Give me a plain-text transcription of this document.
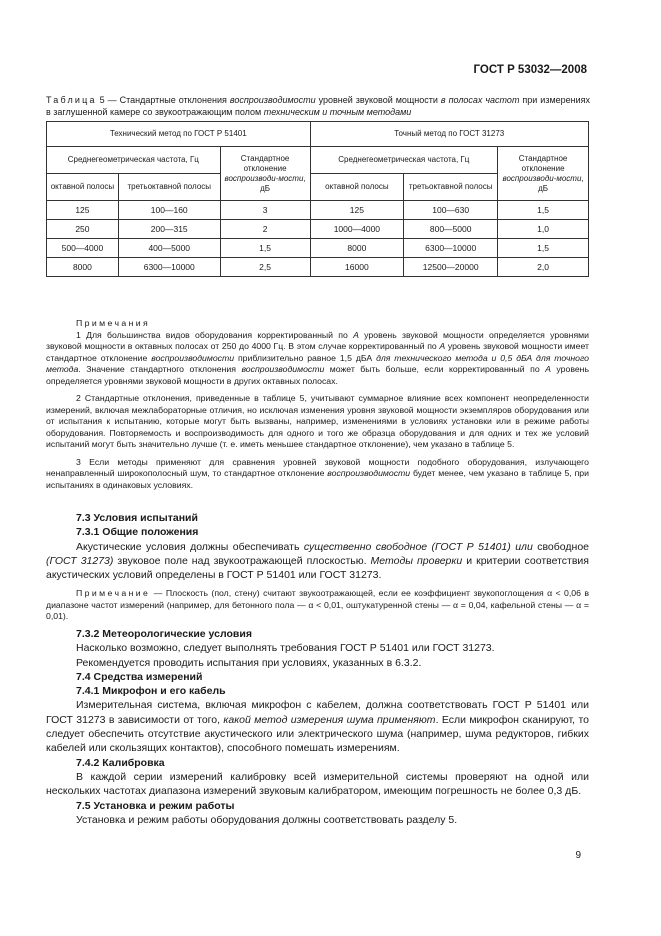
ГОСТ Р 53032—2008
Таблица 5 — Стандартные отклонения воспроизводимости уровней звуковой мощности в полосах частот при измерениях в заглушенной камере со звукоотражающим полом техническим и точным методами
Технический метод по ГОСТ Р 51401			Точный метод по ГОСТ 31273		
Среднегеометрическая частота, Гц		Стандартное отклонение воспроизводи-мости, дБ	Среднегеометрическая частота, Гц		Стандартное отклонение воспроизводи-мости, дБ
октавной полосы	третьоктавной полосы		октавной полосы	третьоктавной полосы	
125	100—160	3	125	100—630	1,5
250	200—315	2	1000—4000	800—5000	1,0
500—4000	400—5000	1,5	8000	6300—10000	1,5
8000	6300—10000	2,5	16000	12500—20000	2,0

Примечания

1 Для большинства видов оборудования корректированный по А уровень звуковой мощности определяется уровнями звуковой мощности в октавных полосах от 250 до 4000 Гц. В этом случае корректированный по А уровень звуковой мощности имеет стандартное отклонение воспроизводимости приблизительно равное 1,5 дБА для технического метода и 0,5 дБА для точного метода. Значение стандартного отклонения воспроизводимости может быть больше, если корректированный по А уровень определяется уровнями звуковой мощности в других октавных полосах.

2 Стандартные отклонения, приведенные в таблице 5, учитывают суммарное влияние всех компонент неопределенности измерений, включая межлабораторные отличия, но исключая изменения уровня звуковой мощности экземпляров оборудования или от испытания к испытанию, которые могут быть вызваны, например, изменениями в условиях установки или в режиме работы оборудования. Повторяемость и воспроизводимость для одного и того же образца оборудования и для одних и тех же условий испытаний могут быть значительно лучше (т. е. иметь меньшее стандартное отклонение), чем указано в таблице 5.

3 Если методы применяют для сравнения уровней звуковой мощности подобного оборудования, излучающего ненаправленный широкополосный шум, то стандартное отклонение воспроизводимости будет менее, чем указано в таблице 5, при испытаниях в одинаковых условиях.

7.3 Условия испытаний
7.3.1 Общие положения

Акустические условия должны обеспечивать существенно свободное (ГОСТ Р 51401) или свободное (ГОСТ 31273) звуковое поле над звукоотражающей плоскостью. Методы проверки и критерии соответствия акустических условий определены в ГОСТ Р 51401 или ГОСТ 31273.

Примечание — Плоскость (пол, стену) считают звукоотражающей, если ее коэффициент звукопоглощения α < 0,06 в диапазоне частот измерений (например, для бетонного пола — α < 0,01, оштукатуренной стены — α = 0,04, кафельной стены — α = 0,01).

7.3.2 Метеорологические условия

Насколько возможно, следует выполнять требования ГОСТ Р 51401 или ГОСТ 31273.

Рекомендуется проводить испытания при условиях, указанных в 6.3.2.

7.4 Средства измерений
7.4.1 Микрофон и его кабель

Измерительная система, включая микрофон с кабелем, должна соответствовать ГОСТ Р 51401 или ГОСТ 31273 в зависимости от того, какой метод измерения шума применяют. Если микрофон сканируют, то следует обеспечить отсутствие акустического или электрического шума (например, шума редукторов, гибких кабелей или скользящих контактов), способного помешать измерениям.

7.4.2 Калибровка

В каждой серии измерений калибровку всей измерительной системы проверяют на одной или нескольких частотах диапазона измерений звуковым калибратором, имеющим погрешность не более 0,3 дБ.

7.5 Установка и режим работы

Установка и режим работы оборудования должны соответствовать разделу 5.

9
